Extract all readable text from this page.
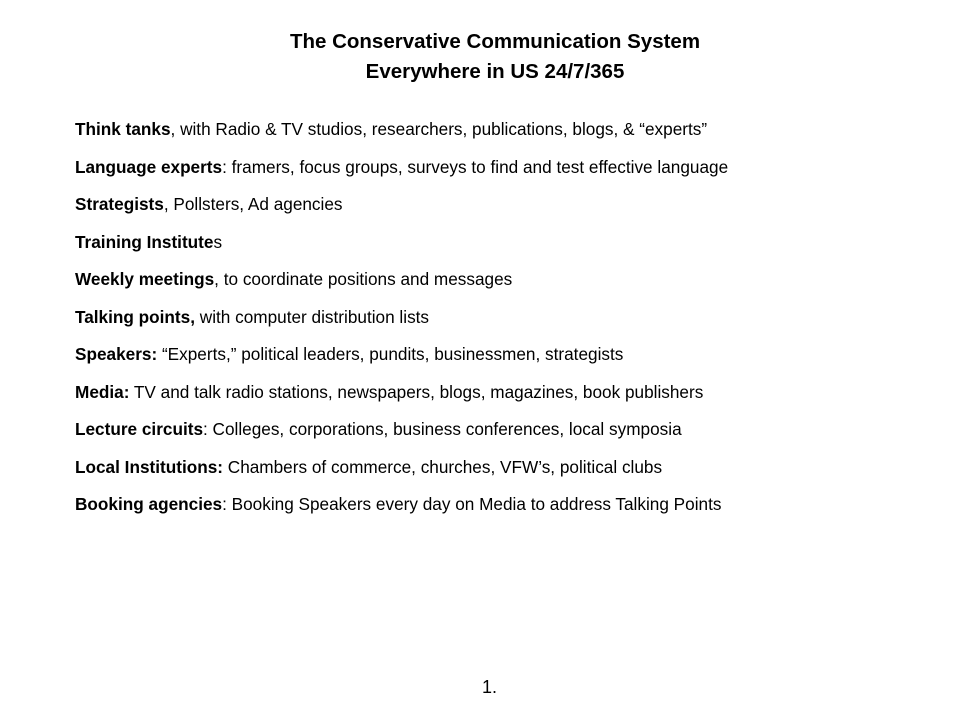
The Conservative Communication System
Everywhere in US 24/7/365
Think tanks, with Radio & TV studios, researchers, publications, blogs, & “experts”
Language experts: framers, focus groups, surveys to find and test effective language
Strategists, Pollsters, Ad agencies
Training Institutes
Weekly meetings, to coordinate positions and messages
Talking points, with computer distribution lists
Speakers: “Experts,” political leaders, pundits, businessmen, strategists
Media: TV and talk radio stations, newspapers, blogs, magazines, book publishers
Lecture circuits: Colleges, corporations, business conferences, local symposia
Local Institutions: Chambers of commerce, churches, VFW’s, political clubs
Booking agencies: Booking Speakers every day on Media to address Talking Points
1.
